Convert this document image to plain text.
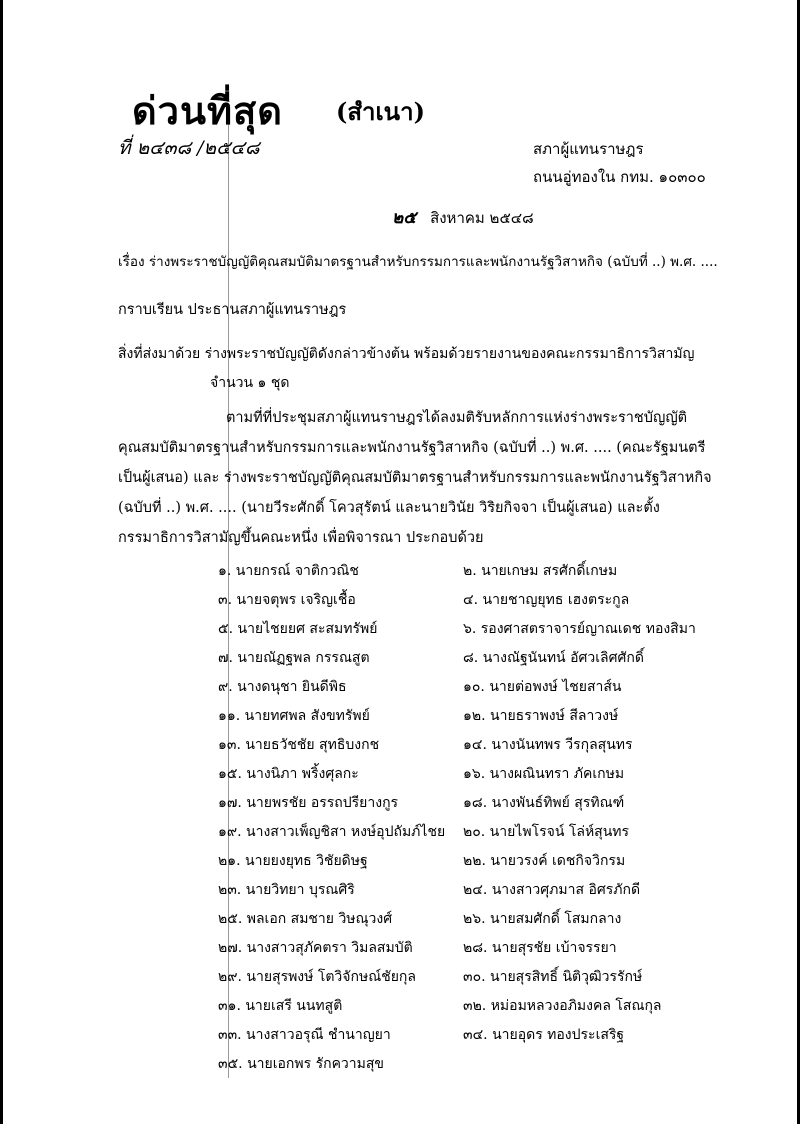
ด่วนที่สุด (สำเนา)
ที่ ๒๔๓๘ /๒๕๔๘	สภาผู้แทนราษฎร
ถนนอู่ทองใน กทม. ๑๐๓๐๐
๒๕ สิงหาคม ๒๕๔๘
เรื่อง ร่างพระราชบัญญัติคุณสมบัติมาตรฐานสำหรับกรรมการและพนักงานรัฐวิสาหกิจ (ฉบับที่ ..) พ.ศ. ....
กราบเรียน ประธานสภาผู้แทนราษฎร
สิ่งที่ส่งมาด้วย ร่างพระราชบัญญัติดังกล่าวข้างต้น พร้อมด้วยรายงานของคณะกรรมาธิการวิสามัญ
จำนวน ๑ ชุด
ตามที่ที่ประชุมสภาผู้แทนราษฎรได้ลงมติรับหลักการแห่งร่างพระราชบัญญัติคุณสมบัติมาตรฐานสำหรับกรรมการและพนักงานรัฐวิสาหกิจ (ฉบับที่ ..) พ.ศ. .... (คณะรัฐมนตรี เป็นผู้เสนอ) และ ร่างพระราชบัญญัติคุณสมบัติมาตรฐานสำหรับกรรมการและพนักงานรัฐวิสาหกิจ (ฉบับที่ ..) พ.ศ. .... (นายวีระศักดิ์ โควสุรัตน์ และนายวินัย วิริยกิจจา เป็นผู้เสนอ) และตั้งกรรมาธิการวิสามัญขึ้นคณะหนึ่ง เพื่อพิจารณา ประกอบด้วย
๑. นายกรณ์ จาติกวณิช	๒. นายเกษม สรศักดิ์เกษม
๓. นายจตุพร เจริญเชื้อ	๔. นายชาญยุทธ เฮงตระกูล
๕. นายไชยยศ สะสมทรัพย์	๖. รองศาสตราจารย์ญาณเดช ทองสิมา
๗. นายณัฏฐพล กรรณสูต	๘. นางณัฐนันทน์ อัศวเลิศศักดิ์
๙. นางดนุชา ยินดีพิธ	๑๐. นายต่อพงษ์ ไชยสาส์น
๑๑. นายทศพล สังขทรัพย์	๑๒. นายธราพงษ์ สีลาวงษ์
๑๓. นายธวัชชัย สุทธิบงกช	๑๔. นางนันทพร วีรกุลสุนทร
๑๕. นางนิภา พริ้งศุลกะ	๑๖. นางผณินทรา ภัคเกษม
๑๗. นายพรชัย อรรถปรียางกูร	๑๘. นางพันธ์ทิพย์ สุรทิณฑ์
๑๙. นางสาวเพ็ญชิสา หงษ์อุปถัมภ์ไชย ๒๐. นายไพโรจน์ โล่ห์สุนทร
๒๑. นายยงยุทธ วิชัยดิษฐ	๒๒. นายวรงค์ เดชกิจวิกรม
๒๓. นายวิทยา บุรณศิริ	๒๔. นางสาวศุภมาส อิศรภักดี
๒๕. พลเอก สมชาย วิษณุวงศ์	๒๖. นายสมศักดิ์ โสมกลาง
๒๗. นางสาวสุภัคตรา วิมลสมบัติ	๒๘. นายสุรชัย เบ้าจรรยา
๒๙. นายสุรพงษ์ โตวิจักษณ์ชัยกุล	๓๐. นายสุรสิทธิ์ นิติวุฒิวรรักษ์
๓๑. นายเสรี นนทสูติ	๓๒. หม่อมหลวงอภิมงคล โสณกุล
๓๓. นางสาวอรุณี ชำนาญยา	๓๔. นายอุดร ทองประเสริฐ
๓๕. นายเอกพร รักความสุข
